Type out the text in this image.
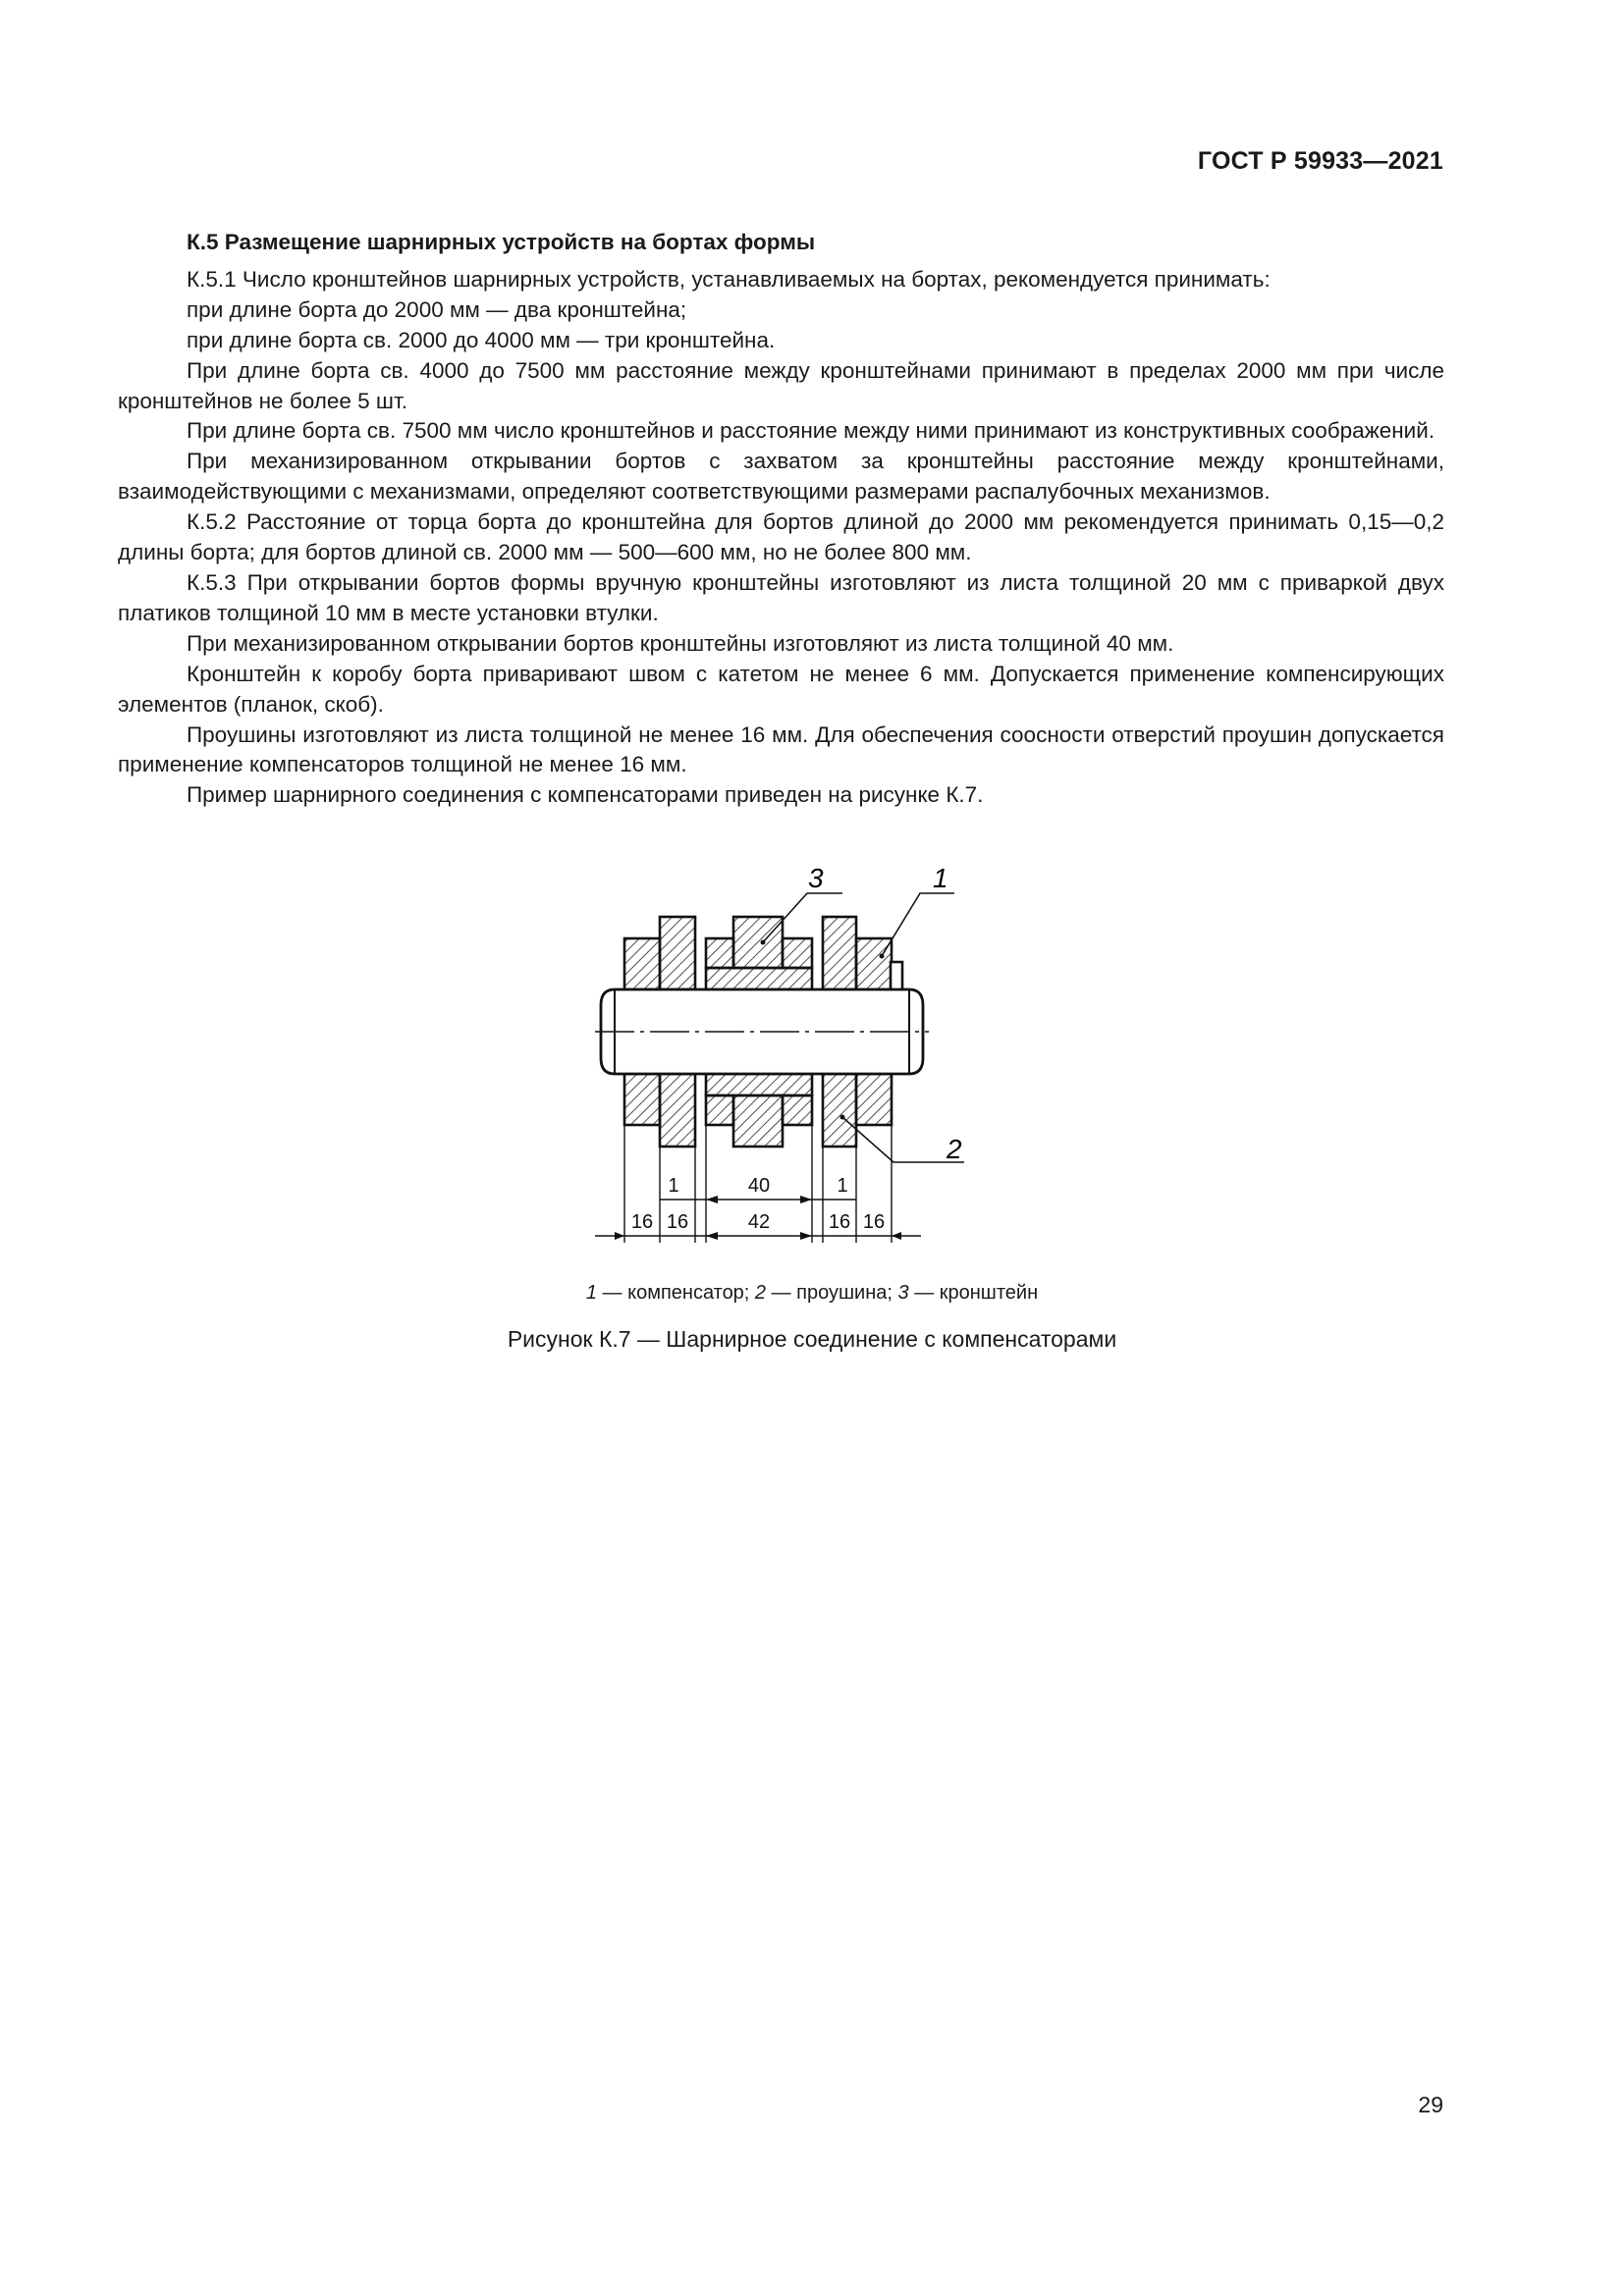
ГОСТ Р 59933—2021

К.5 Размещение шарнирных устройств на бортах формы

К.5.1 Число кронштейнов шарнирных устройств, устанавливаемых на бортах, рекомендуется принимать:

при длине борта до 2000 мм — два кронштейна;

при длине борта св. 2000 до 4000 мм — три кронштейна.

При длине борта св. 4000 до 7500 мм расстояние между кронштейнами принимают в пределах 2000 мм при числе кронштейнов не более 5 шт.

При длине борта св. 7500 мм число кронштейнов и расстояние между ними принимают из конструктивных соображений.

При механизированном открывании бортов с захватом за кронштейны расстояние между кронштейнами, взаимодействующими с механизмами, определяют соответствующими размерами распалубочных механизмов.

К.5.2 Расстояние от торца борта до кронштейна для бортов длиной до 2000 мм рекомендуется принимать 0,15—0,2 длины борта; для бортов длиной св. 2000 мм — 500—600 мм, но не более 800 мм.

К.5.3 При открывании бортов формы вручную кронштейны изготовляют из листа толщиной 20 мм с приваркой двух платиков толщиной 10 мм в месте установки втулки.

При механизированном открывании бортов кронштейны изготовляют из листа толщиной 40 мм.

Кронштейн к коробу борта приваривают швом с катетом не менее 6 мм. Допускается применение компенсирующих элементов (планок, скоб).

Проушины изготовляют из листа толщиной не менее 16 мм. Для обеспечения соосности отверстий проушин допускается применение компенсаторов толщиной не менее 16 мм.

Пример шарнирного соединения с компенсаторами приведен на рисунке К.7.

3	1
2
1	40	1
16 16	42	16 16
1 — компенсатор; 2 — проушина; 3 — кронштейн
Рисунок К.7 — Шарнирное соединение с компенсаторами
29
